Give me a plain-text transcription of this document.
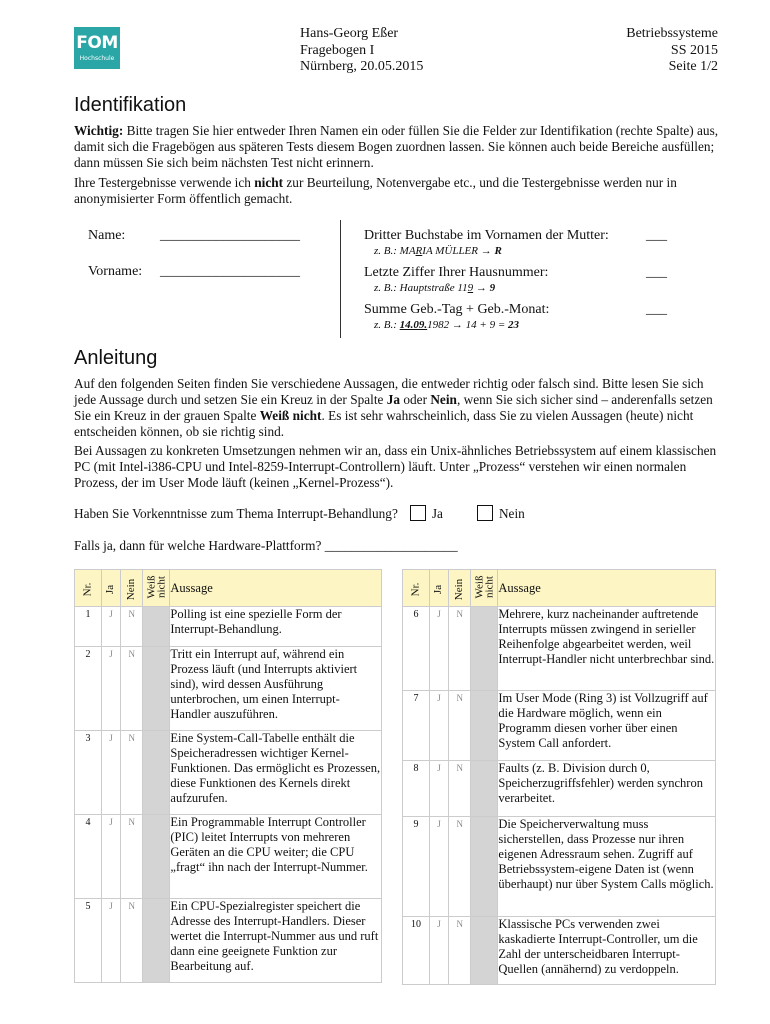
FOM
Hochschule
Hans-Georg Eßer
Fragebogen I
Nürnberg, 20.05.2015
Betriebssysteme
SS 2015
Seite 1/2
Identifikation

Wichtig: Bitte tragen Sie hier entweder Ihren Namen ein oder füllen Sie die Felder zur Identifikation (rechte Spalte) aus, damit sich die Fragebögen aus späteren Tests diesem Bogen zuordnen lassen. Sie können auch beide Bereiche ausfüllen; dann müssen Sie sich beim nächsten Test nicht erinnern.

Ihre Testergebnisse verwende ich nicht zur Beurteilung, Notenvergabe etc., und die Testergebnisse werden nur in anonymisierter Form öffentlich gemacht.

Name: ____________________
Vorname: ____________________
Dritter Buchstabe im Vornamen der Mutter:
z. B.: MARIA MÜLLER → R
___
Letzte Ziffer Ihrer Hausnummer:
z. B.: Hauptstraße 119 → 9
___
Summe Geb.-Tag + Geb.-Monat:
z. B.: 14.09.1982 → 14 + 9 = 23
___
Anleitung

Auf den folgenden Seiten finden Sie verschiedene Aussagen, die entweder richtig oder falsch sind. Bitte lesen Sie sich jede Aussage durch und setzen Sie ein Kreuz in der Spalte Ja oder Nein, wenn Sie sich sicher sind – anderenfalls setzen Sie ein Kreuz in der grauen Spalte Weiß nicht. Es ist sehr wahrscheinlich, dass Sie zu vielen Aussagen (heute) nicht entscheiden können, ob sie richtig sind.

Bei Aussagen zu konkreten Umsetzungen nehmen wir an, dass ein Unix-ähnliches Betriebssystem auf einem klassischen PC (mit Intel-i386-CPU und Intel-8259-Interrupt-Controllern) läuft. Unter „Prozess“ verstehen wir einen normalen Prozess, der im User Mode läuft (keinen „Kernel-Prozess“).

Haben Sie Vorkenntnisse zum Thema Interrupt-Behandlung?	Ja	Nein
Falls ja, dann für welche Hardware-Plattform? ____________________
Nr.	Ja	Nein	Weiß
nicht	Aussage
1	J	N		Polling ist eine spezielle Form der Interrupt-Behandlung.
2	J	N		Tritt ein Interrupt auf, während ein Prozess läuft (und Interrupts aktiviert sind), wird dessen Ausführung unterbrochen, um einen Interrupt- Handler auszuführen.
3	J	N		Eine System-Call-Tabelle enthält die Speicheradressen wichtiger Kernel-Funktionen. Das ermöglicht es Prozessen, diese Funktionen des Kernels direkt aufzurufen.
4	J	N		Ein Programmable Interrupt Controller (PIC) leitet Interrupts von mehreren Geräten an die CPU weiter; die CPU „fragt“ ihn nach der Interrupt-Nummer.
5	J	N		Ein CPU-Spezialregister speichert die Adresse des Interrupt-Handlers. Dieser wertet die Interrupt-Nummer aus und ruft dann eine geeignete Funktion zur Bearbeitung auf.
Nr.	Ja	Nein	Weiß
nicht	Aussage
6	J	N		Mehrere, kurz nacheinander auftretende Interrupts müssen zwingend in serieller Reihenfolge abgearbeitet werden, weil Interrupt-Handler nicht unterbrechbar sind.
7	J	N		Im User Mode (Ring 3) ist Vollzugriff auf die Hardware möglich, wenn ein Programm diesen vorher über einen System Call anfordert.
8	J	N		Faults (z. B. Division durch 0, Speicherzugriffsfehler) werden synchron verarbeitet.
9	J	N		Die Speicherverwaltung muss sicherstellen, dass Prozesse nur ihren eigenen Adressraum sehen. Zugriff auf Betriebssystem-eigene Daten ist (wenn überhaupt) nur über System Calls möglich.
10	J	N		Klassische PCs verwenden zwei kaskadierte Interrupt-Controller, um die Zahl der unterscheidbaren Interrupt-Quellen (annähernd) zu verdoppeln.
